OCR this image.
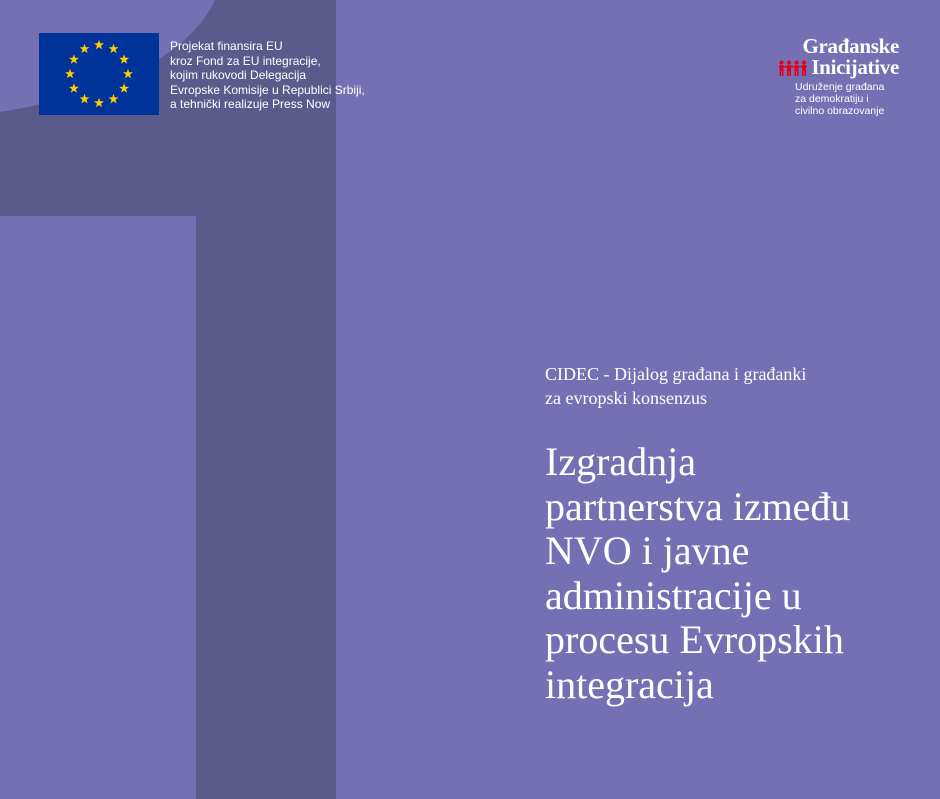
Projekat finansira EU
kroz Fond za EU integracije,
kojim rukovodi Delegacija
Evropske Komisije u Republici Srbiji,
a tehnički realizuje Press Now
Građanske
Inicijative
Udruženje građana
za demokratiju i
civilno obrazovanje
CIDEC - Dijalog građana i građanki
za evropski konsenzus
Izgradnja
partnerstva između
NVO i javne
administracije u
procesu Evropskih
integracija
